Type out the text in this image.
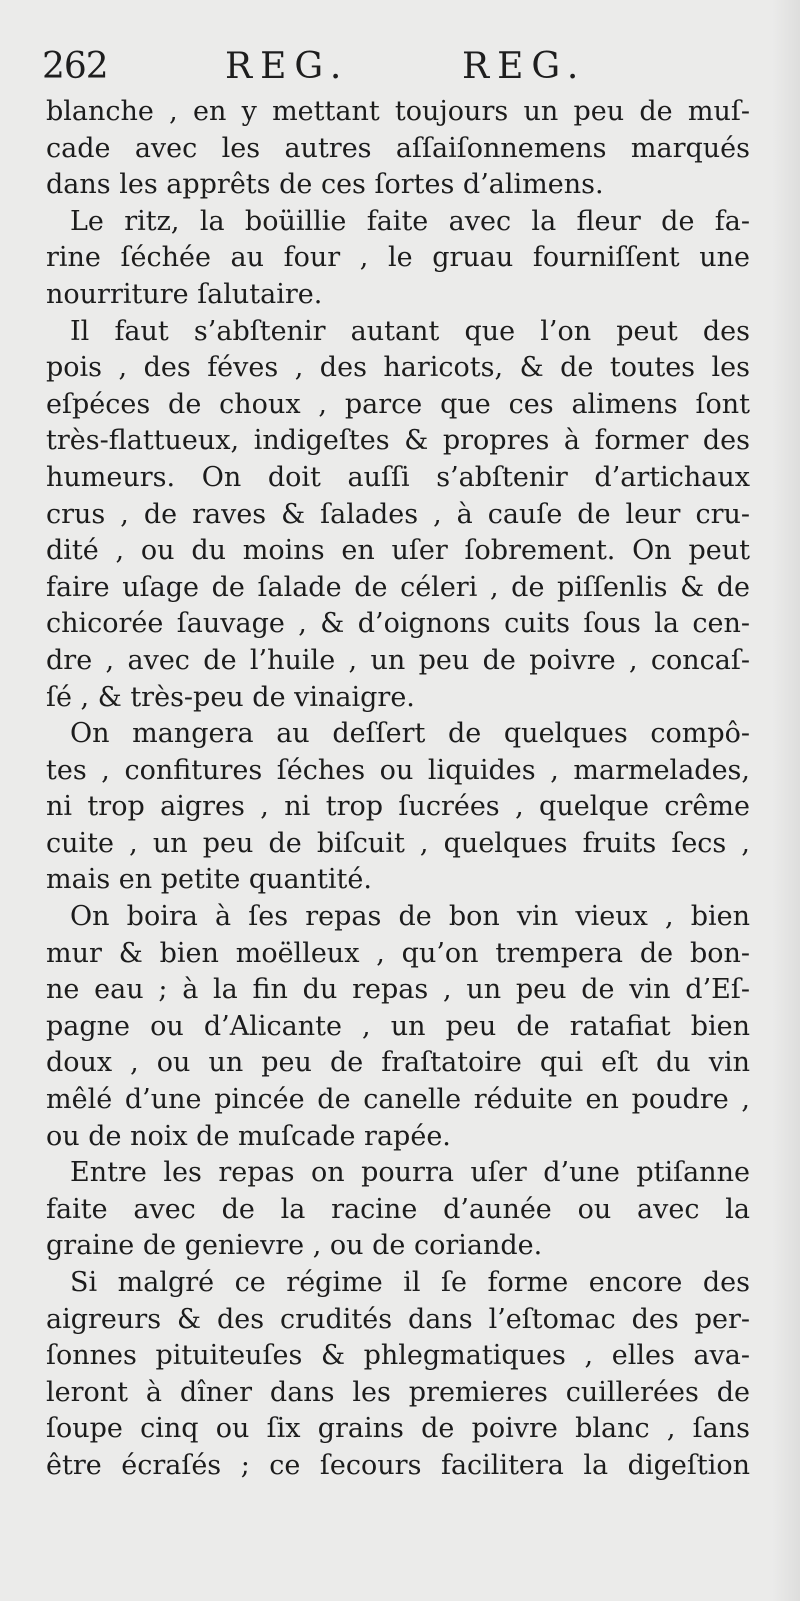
262	REG.	REG.
blanche , en y mettant toujours un peu de muſ-
cade avec les autres aſſaiſonnemens marqués
dans les apprêts de ces ſortes d’alimens.
Le ritz, la boüillie faite avec la fleur de fa-
rine ſéchée au four , le gruau fourniſſent une
nourriture ſalutaire.
Il faut s’abſtenir autant que l’on peut des
pois , des féves , des haricots, & de toutes les
eſpéces de choux , parce que ces alimens ſont
très-flattueux, indigeſtes & propres à former des
humeurs. On doit auſſi s’abſtenir d’artichaux
crus , de raves & ſalades , à cauſe de leur cru-
dité , ou du moins en uſer ſobrement. On peut
faire uſage de ſalade de céleri , de piſſenlis & de
chicorée ſauvage , & d’oignons cuits ſous la cen-
dre , avec de l’huile , un peu de poivre , concaſ-
ſé , & très-peu de vinaigre.
On mangera au deſſert de quelques compô-
tes , confitures ſéches ou liquides , marmelades,
ni trop aigres , ni trop ſucrées , quelque crême
cuite , un peu de biſcuit , quelques fruits ſecs ,
mais en petite quantité.
On boira à ſes repas de bon vin vieux , bien
mur & bien moëlleux , qu’on trempera de bon-
ne eau ; à la fin du repas , un peu de vin d’Eſ-
pagne ou d’Alicante , un peu de ratafiat bien
doux , ou un peu de fraſtatoire qui eſt du vin
mêlé d’une pincée de canelle réduite en poudre ,
ou de noix de muſcade rapée.
Entre les repas on pourra uſer d’une ptiſanne
faite avec de la racine d’aunée ou avec la
graine de genievre , ou de coriande.
Si malgré ce régime il ſe forme encore des
aigreurs & des crudités dans l’eſtomac des per-
ſonnes pituiteuſes & phlegmatiques , elles ava-
leront à dîner dans les premieres cuillerées de
ſoupe cinq ou ſix grains de poivre blanc , ſans
être écraſés ; ce ſecours facilitera la digeſtion
